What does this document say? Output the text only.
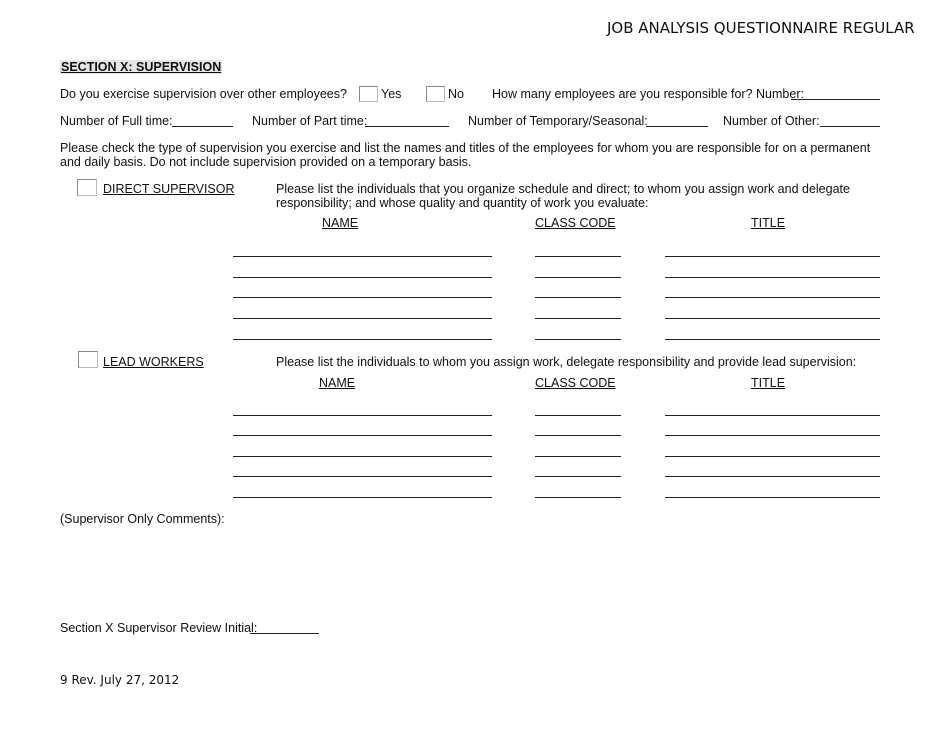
JOB ANALYSIS QUESTIONNAIRE REGULAR
SECTION X: SUPERVISION
Do you exercise supervision over other employees?	Yes	No How many employees are you responsible for? Number:
Number of Full time:	Number of Part time:	Number of Temporary/Seasonal:	Number of Other:
Please check the type of supervision you exercise and list the names and titles of the employees for whom you are responsible for on a permanent and daily basis. Do not include supervision provided on a temporary basis.
DIRECT SUPERVISOR	Please list the individuals that you organize schedule and direct; to whom you assign work and delegate responsibility; and whose quality and quantity of work you evaluate:
NAME	CLASS CODE	TITLE
LEAD WORKERS	Please list the individuals to whom you assign work, delegate responsibility and provide lead supervision:
NAME	CLASS CODE	TITLE
(Supervisor Only Comments):
Section X Supervisor Review Initial:
9 Rev. July 27, 2012
